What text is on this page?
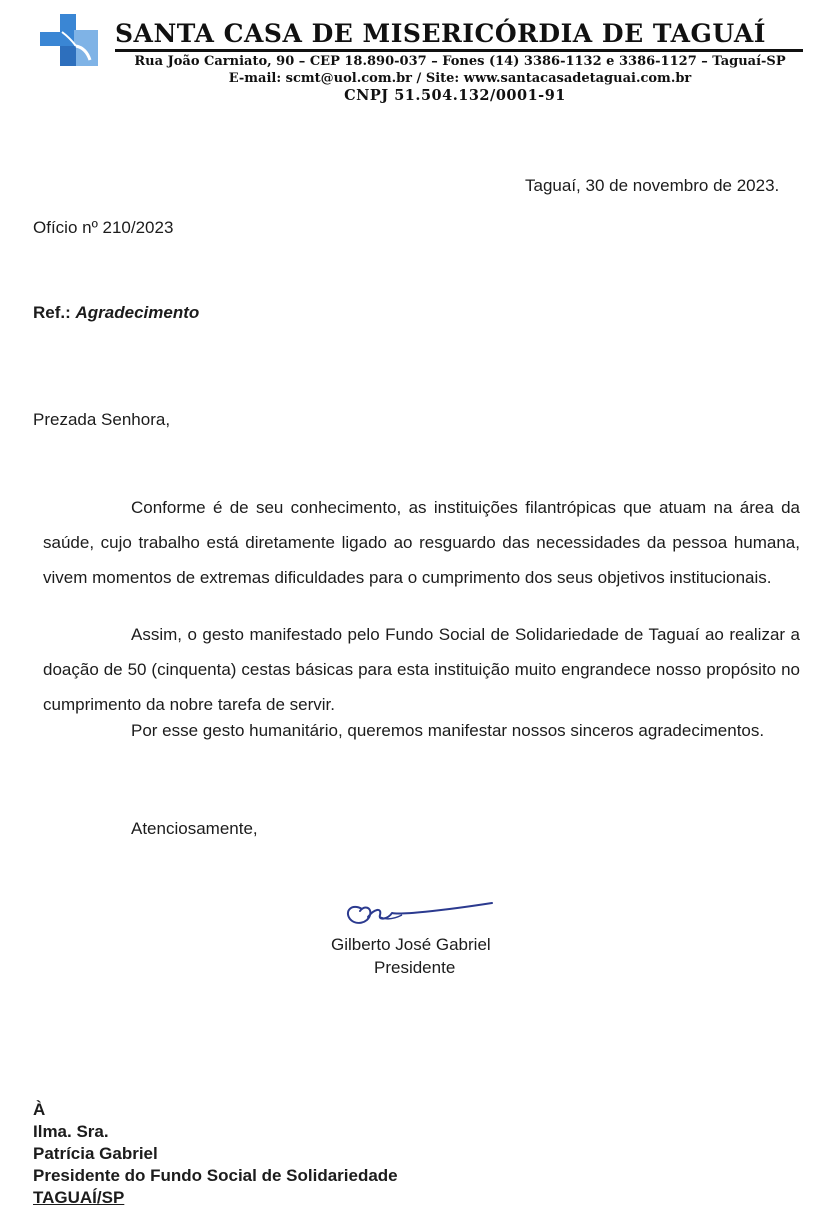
SANTA CASA DE MISERICÓRDIA DE TAGUAÍ
Rua João Carniato, 90 – CEP 18.890-037 – Fones (14) 3386-1132 e 3386-1127 – Taguaí-SP
E-mail: scmt@uol.com.br / Site: www.santacasadetaguai.com.br
CNPJ 51.504.132/0001-91
Taguaí, 30 de novembro de 2023.
Ofício nº 210/2023
Ref.: Agradecimento
Prezada Senhora,
Conforme é de seu conhecimento, as instituições filantrópicas que atuam na área da saúde, cujo trabalho está diretamente ligado ao resguardo das necessidades da pessoa humana, vivem momentos de extremas dificuldades para o cumprimento dos seus objetivos institucionais.
Assim, o gesto manifestado pelo Fundo Social de Solidariedade de Taguaí ao realizar a doação de 50 (cinquenta) cestas básicas para esta instituição muito engrandece nosso propósito no cumprimento da nobre tarefa de servir.
Por esse gesto humanitário, queremos manifestar nossos sinceros agradecimentos.
Atenciosamente,
Gilberto José Gabriel
Presidente
À
Ilma. Sra.
Patrícia Gabriel
Presidente do Fundo Social de Solidariedade
TAGUAÍ/SP
